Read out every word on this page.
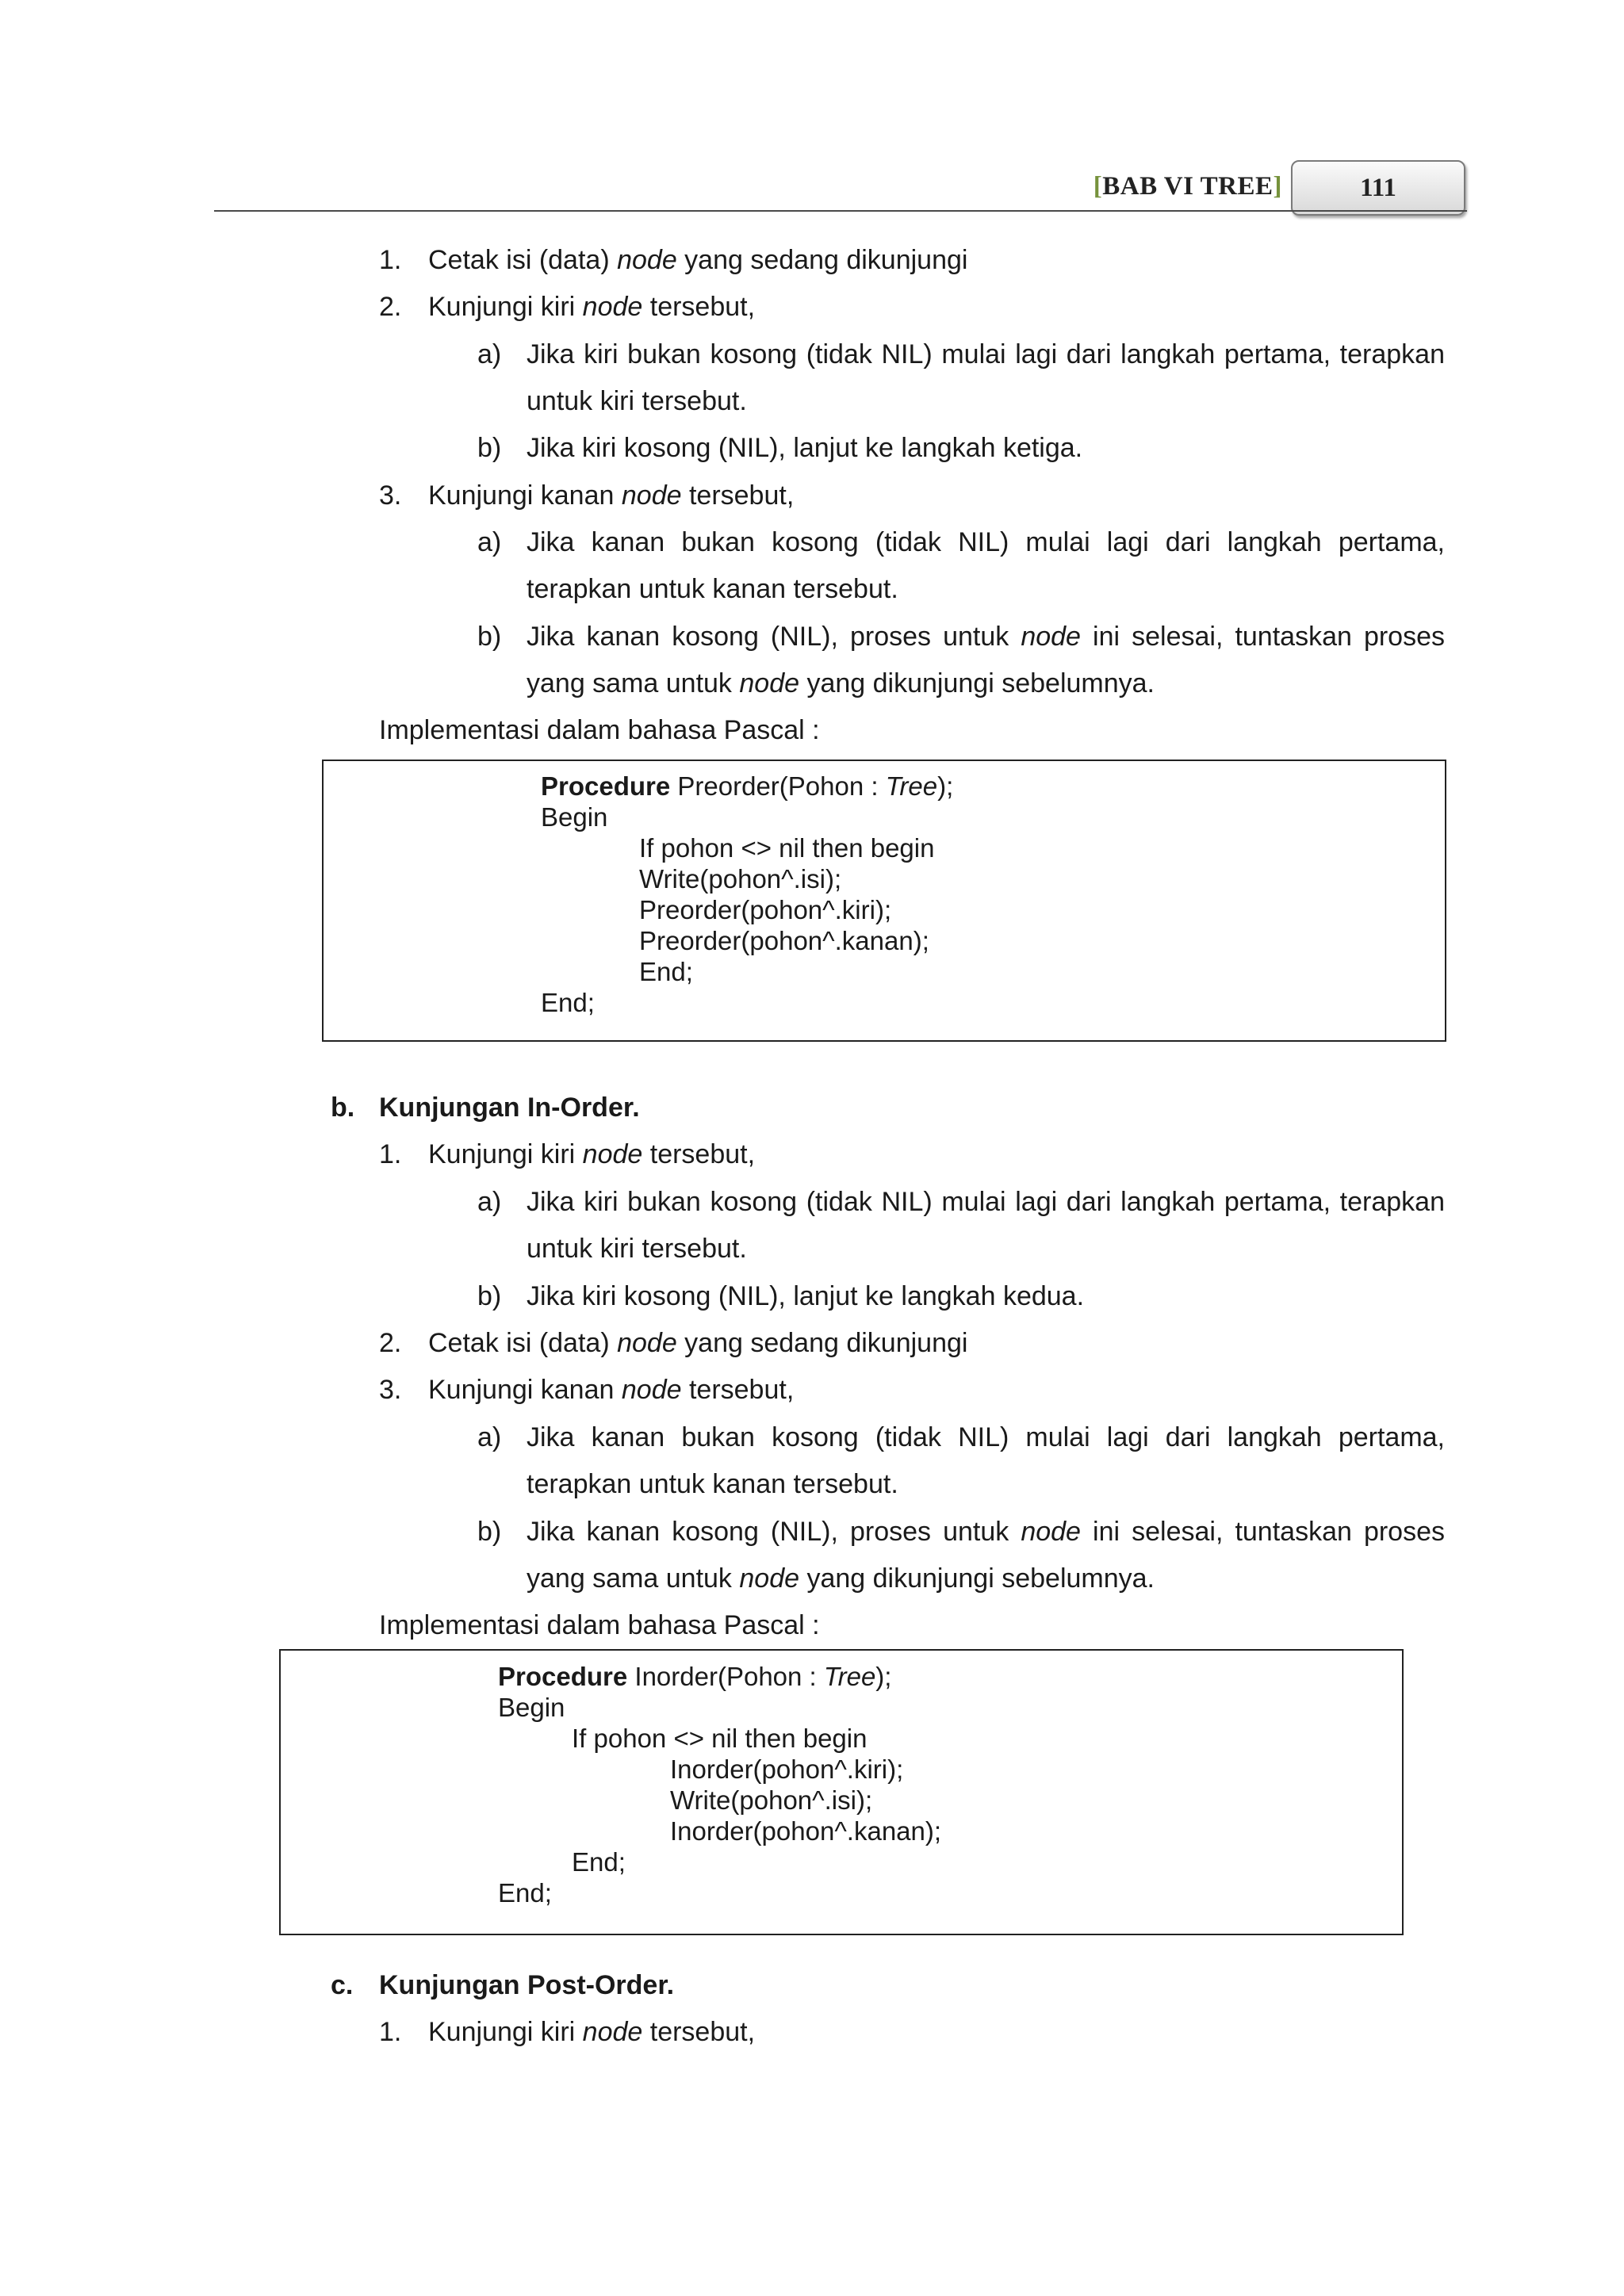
[BAB VI TREE]	111
1. Cetak isi (data) node yang sedang dikunjungi
2. Kunjungi kiri node tersebut,
a) Jika kiri bukan kosong (tidak NIL) mulai lagi dari langkah pertama, terapkan
untuk kiri tersebut.
b) Jika kiri kosong (NIL), lanjut ke langkah ketiga.
3. Kunjungi kanan node tersebut,
a) Jika kanan bukan kosong (tidak NIL) mulai lagi dari langkah pertama,
terapkan untuk kanan tersebut.
b) Jika kanan kosong (NIL), proses untuk node ini selesai, tuntaskan proses
yang sama untuk node yang dikunjungi sebelumnya.
Implementasi dalam bahasa Pascal :
Procedure Preorder(Pohon : Tree);
Begin
If pohon <> nil then begin
Write(pohon^.isi);
Preorder(pohon^.kiri);
Preorder(pohon^.kanan);
End;
End;
b. Kunjungan In-Order.
1. Kunjungi kiri node tersebut,
a) Jika kiri bukan kosong (tidak NIL) mulai lagi dari langkah pertama, terapkan
untuk kiri tersebut.
b) Jika kiri kosong (NIL), lanjut ke langkah kedua.
2. Cetak isi (data) node yang sedang dikunjungi
3. Kunjungi kanan node tersebut,
a) Jika kanan bukan kosong (tidak NIL) mulai lagi dari langkah pertama,
terapkan untuk kanan tersebut.
b) Jika kanan kosong (NIL), proses untuk node ini selesai, tuntaskan proses
yang sama untuk node yang dikunjungi sebelumnya.
Implementasi dalam bahasa Pascal :
Procedure Inorder(Pohon : Tree);
Begin
If pohon <> nil then begin
Inorder(pohon^.kiri);
Write(pohon^.isi);
Inorder(pohon^.kanan);
End;
End;
c. Kunjungan Post-Order.
1. Kunjungi kiri node tersebut,
